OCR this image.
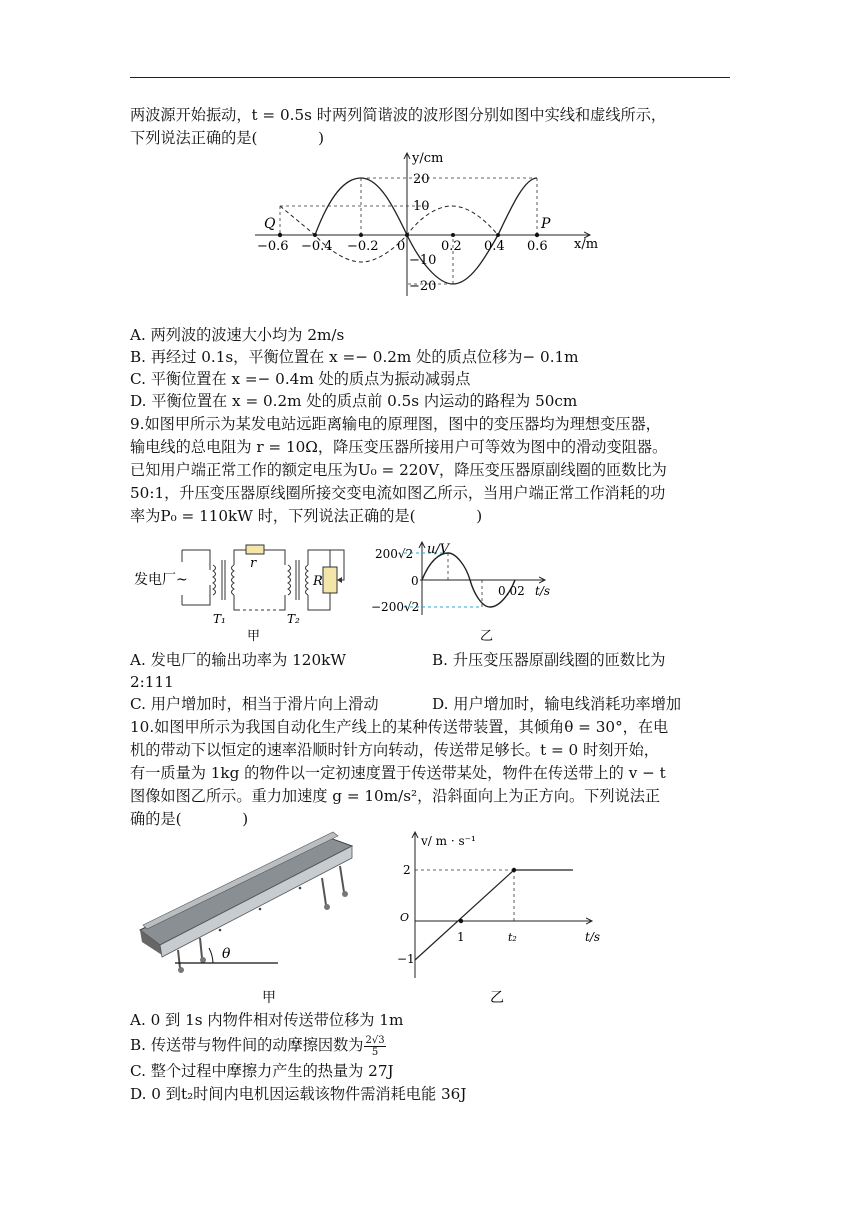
两波源开始振动，t = 0.5s 时两列简谐波的波形图分别如图中实线和虚线所示，
下列说法正确的是(　　　　)
y/cm
x/m
Q	P
−0.6 −0.4 −0.2 0	0.2 0.4 0.6
20
10
−10
−20
A. 两列波的波速大小均为 2m/s
B. 再经过 0.1s，平衡位置在 x =− 0.2m 处的质点位移为− 0.1m
C. 平衡位置在 x =− 0.4m 处的质点为振动减弱点
D. 平衡位置在 x = 0.2m 处的质点前 0.5s 内运动的路程为 50cm
9.如图甲所示为某发电站远距离输电的原理图，图中的变压器均为理想变压器，
输电线的总电阻为 r = 10Ω，降压变压器所接用户可等效为图中的滑动变阻器。
已知用户端正常工作的额定电压为U₀ = 220V，降压变压器原副线圈的匝数比为
50:1，升压变压器原线圈所接交变电流如图乙所示，当用户端正常工作消耗的功
率为P₀ = 110kW 时，下列说法正确的是(　　　　)
发电厂~
r
R
T₁	T₂
甲
200√2
0
−200√2
0.02
u/V
t/s
乙
A. 发电厂的输出功率为 120kW	B. 升压变压器原副线圈的匝数比为
2:111
C. 用户增加时，相当于滑片向上滑动	D. 用户增加时，输电线消耗功率增加
10.如图甲所示为我国自动化生产线上的某种传送带装置，其倾角θ = 30°，在电
机的带动下以恒定的速率沿顺时针方向转动，传送带足够长。t = 0 时刻开始，
有一质量为 1kg 的物件以一定初速度置于传送带某处，物件在传送带上的 v − t
图像如图乙所示。重力加速度 g = 10m/s²，沿斜面向上为正方向。下列说法正
确的是(　　　　)
θ
甲
v/ m · s⁻¹
2
O
−1
1	t₂	t/s
乙
A. 0 到 1s 内物件相对传送带位移为 1m
B. 传送带与物件间的动摩擦因数为 $\frac{2√3}{5}$
C. 整个过程中摩擦力产生的热量为 27J
D. 0 到t₂时间内电机因运载该物件需消耗电能 36J
